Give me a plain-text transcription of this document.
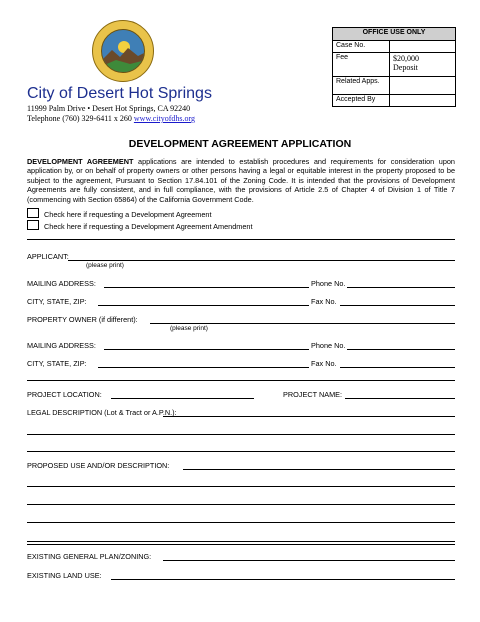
City of Desert Hot Springs
11999 Palm Drive • Desert Hot Springs, CA 92240
Telephone (760) 329-6411 x 260 www.cityofdhs.org
OFFICE USE ONLY	
Case No.	
Fee	$20,000
Deposit

Related Apps.	
Accepted By	
DEVELOPMENT AGREEMENT APPLICATION
DEVELOPMENT AGREEMENT applications are intended to establish procedures and requirements for consideration upon application by, or on behalf of property owners or other persons having a legal or equitable interest in the property proposed to be subject to the agreement, Pursuant to Section 17.84.101 of the Zoning Code. It is intended that the provisions of Development Agreements are fully consistent, and in full compliance, with the provisions of Article 2.5 of Chapter 4 of Division 1 of Title 7 (commencing with Section 65864) of the California Government Code.
Check here if requesting a Development Agreement
Check here if requesting a Development Agreement Amendment
APPLICANT:
(please print)
MAILING ADDRESS:	Phone No.
CITY, STATE, ZIP:	Fax No.
PROPERTY OWNER (if different):
(please print)
MAILING ADDRESS:	Phone No.
CITY, STATE, ZIP:	Fax No.
PROJECT LOCATION:	PROJECT NAME:
LEGAL DESCRIPTION (Lot & Tract or A.P.N.):
PROPOSED USE AND/OR DESCRIPTION:
EXISTING GENERAL PLAN/ZONING:
EXISTING LAND USE:
